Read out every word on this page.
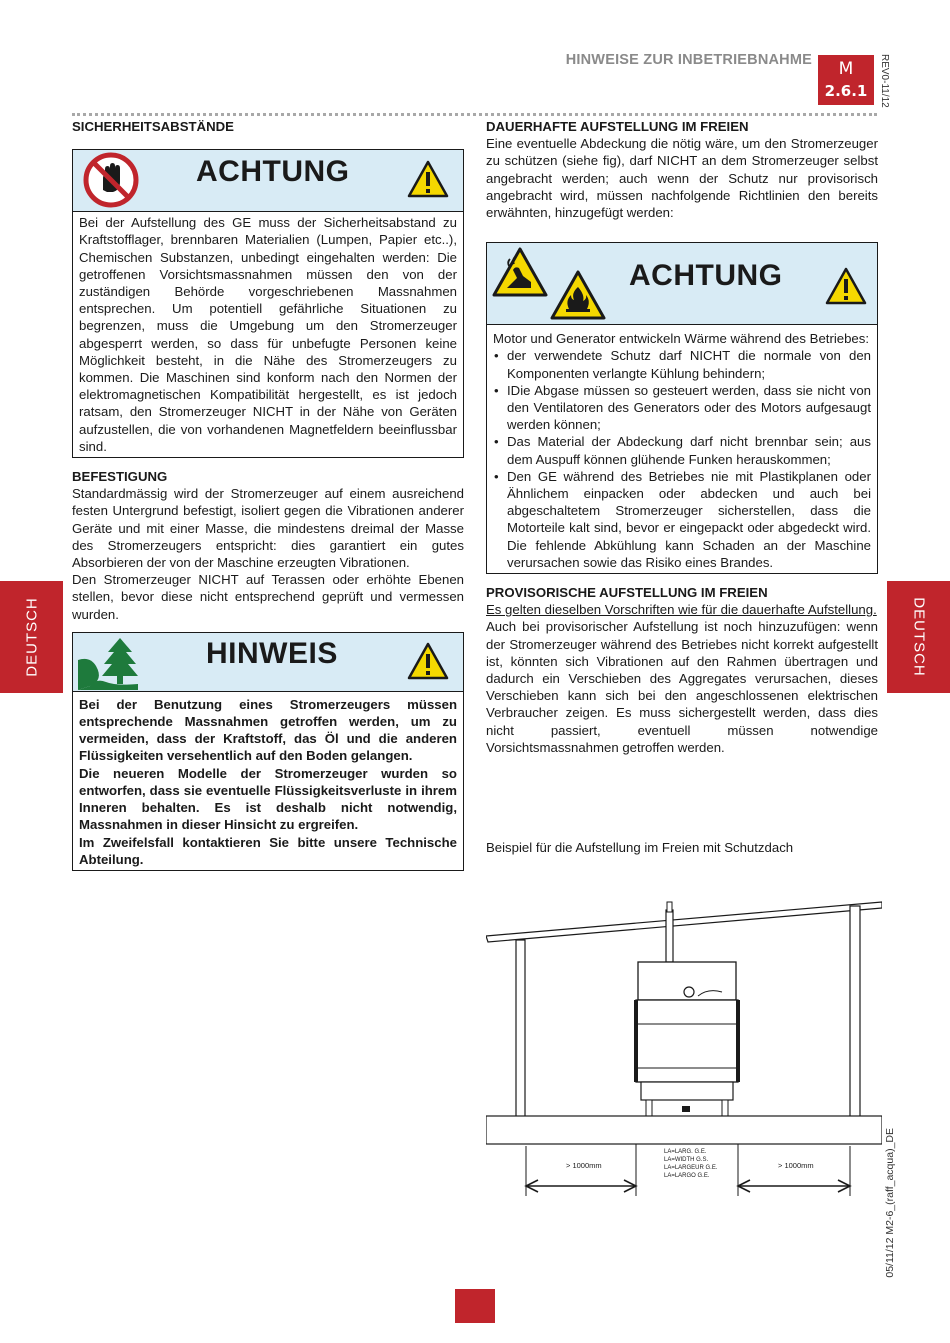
HINWEISE ZUR INBETRIEBNAHME	M
2.6.1	REV0-11/12
DEUTSCH	DEUTSCH
SICHERHEITSABSTÄNDE
ACHTUNG
Bei der Aufstellung des GE muss der Sicherheitsabstand zu Kraftstofflager, brennbaren Materialien (Lumpen, Papier etc..), Chemischen Substanzen, unbedingt eingehalten werden: Die getroffenen Vorsichtsmassnahmen müssen den von der zuständigen Behörde vorgeschriebenen Massnahmen entsprechen. Um potentiell gefährliche Situationen zu begrenzen, muss die Umgebung um den Stromerzeuger abgesperrt werden, so dass für unbefugte Personen keine Möglichkeit besteht, in die Nähe des Stromerzeugers zu kommen. Die Maschinen sind konform nach den Normen der elektromagnetischen Kompatibilität hergestellt, es ist jedoch ratsam, den Stromerzeuger NICHT in der Nähe von Geräten aufzustellen, die von vorhandenen Magnetfeldern beeinflussbar sind.
BEFESTIGUNG
Standardmässig wird der Stromerzeuger auf einem ausreichend festen Untergrund befestigt, isoliert gegen die Vibrationen anderer Geräte und mit einer Masse, die mindestens dreimal der Masse des Stromerzeugers entspricht: dies garantiert ein gutes Absorbieren der von der Maschine erzeugten Vibrationen.
Den Stromerzeuger NICHT auf Terassen oder erhöhte Ebenen stellen, bevor diese nicht entsprechend geprüft und vermessen wurden.
HINWEIS
Bei der Benutzung eines Stromerzeugers müssen entsprechende Massnahmen getroffen werden, um zu vermeiden, dass der Kraftstoff, das Öl und die anderen Flüssigkeiten versehentlich auf den Boden gelangen.
Die neueren Modelle der Stromerzeuger wurden so entworfen, dass sie eventuelle Flüssigkeitsverluste in ihrem Inneren behalten. Es ist deshalb nicht notwendig, Massnahmen in dieser Hinsicht zu ergreifen.
Im Zweifelsfall kontaktieren Sie bitte unsere Technische Abteilung.
DAUERHAFTE AUFSTELLUNG IM FREIEN
Eine eventuelle Abdeckung die nötig wäre, um den Stromerzeuger zu schützen (siehe fig), darf NICHT an dem Stromerzeuger selbst angebracht werden; auch wenn der Schutz nur provisorisch angebracht wird, müssen nachfolgende Richtlinien den bereits erwähnten, hinzugefügt werden:
ACHTUNG
Motor und Generator entwickeln Wärme während des Betriebes:
• der verwendete Schutz darf NICHT die normale von den Komponenten verlangte Kühlung behindern;
• IDie Abgase müssen so gesteuert werden, dass sie nicht von den Ventilatoren des Generators oder des Motors aufgesaugt werden können;
• Das Material der Abdeckung darf nicht brennbar sein; aus dem Auspuff können glühende Funken herauskommen;
• Den GE während des Betriebes nie mit Plastikplanen oder Ähnlichem einpacken oder abdecken und auch bei abgeschaltetem Stromerzeuger sicherstellen, dass die Motorteile kalt sind, bevor er eingepackt oder abgedeckt wird. Die fehlende Abkühlung kann Schaden an der Maschine verursachen sowie das Risiko eines Brandes.
PROVISORISCHE AUFSTELLUNG IM FREIEN
Es gelten dieselben Vorschriften wie für die dauerhafte Aufstellung.
Auch bei provisorischer Aufstellung ist noch hinzuzufügen: wenn der Stromerzeuger während des Betriebes nicht korrekt aufgestellt ist, könnten sich Vibrationen auf den Rahmen übertragen und dadurch ein Verschieben des Aggregates verursachen, dieses Verschieben kann sich bei den angeschlossenen elektrischen Verbraucher zeigen. Es muss sichergestellt werden, dass dies nicht passiert, eventuell müssen notwendige Vorsichtsmassnahmen getroffen werden.
Beispiel für die Aufstellung im Freien mit Schutzdach
> 1000mm	> 1000mm
LA=LARG. G.E.
LA=WIDTH G.S.
LA=LARGEUR G.E.
LA=LARGO G.E.	05/11/12 M2-6_(raff_acqua)_DE
